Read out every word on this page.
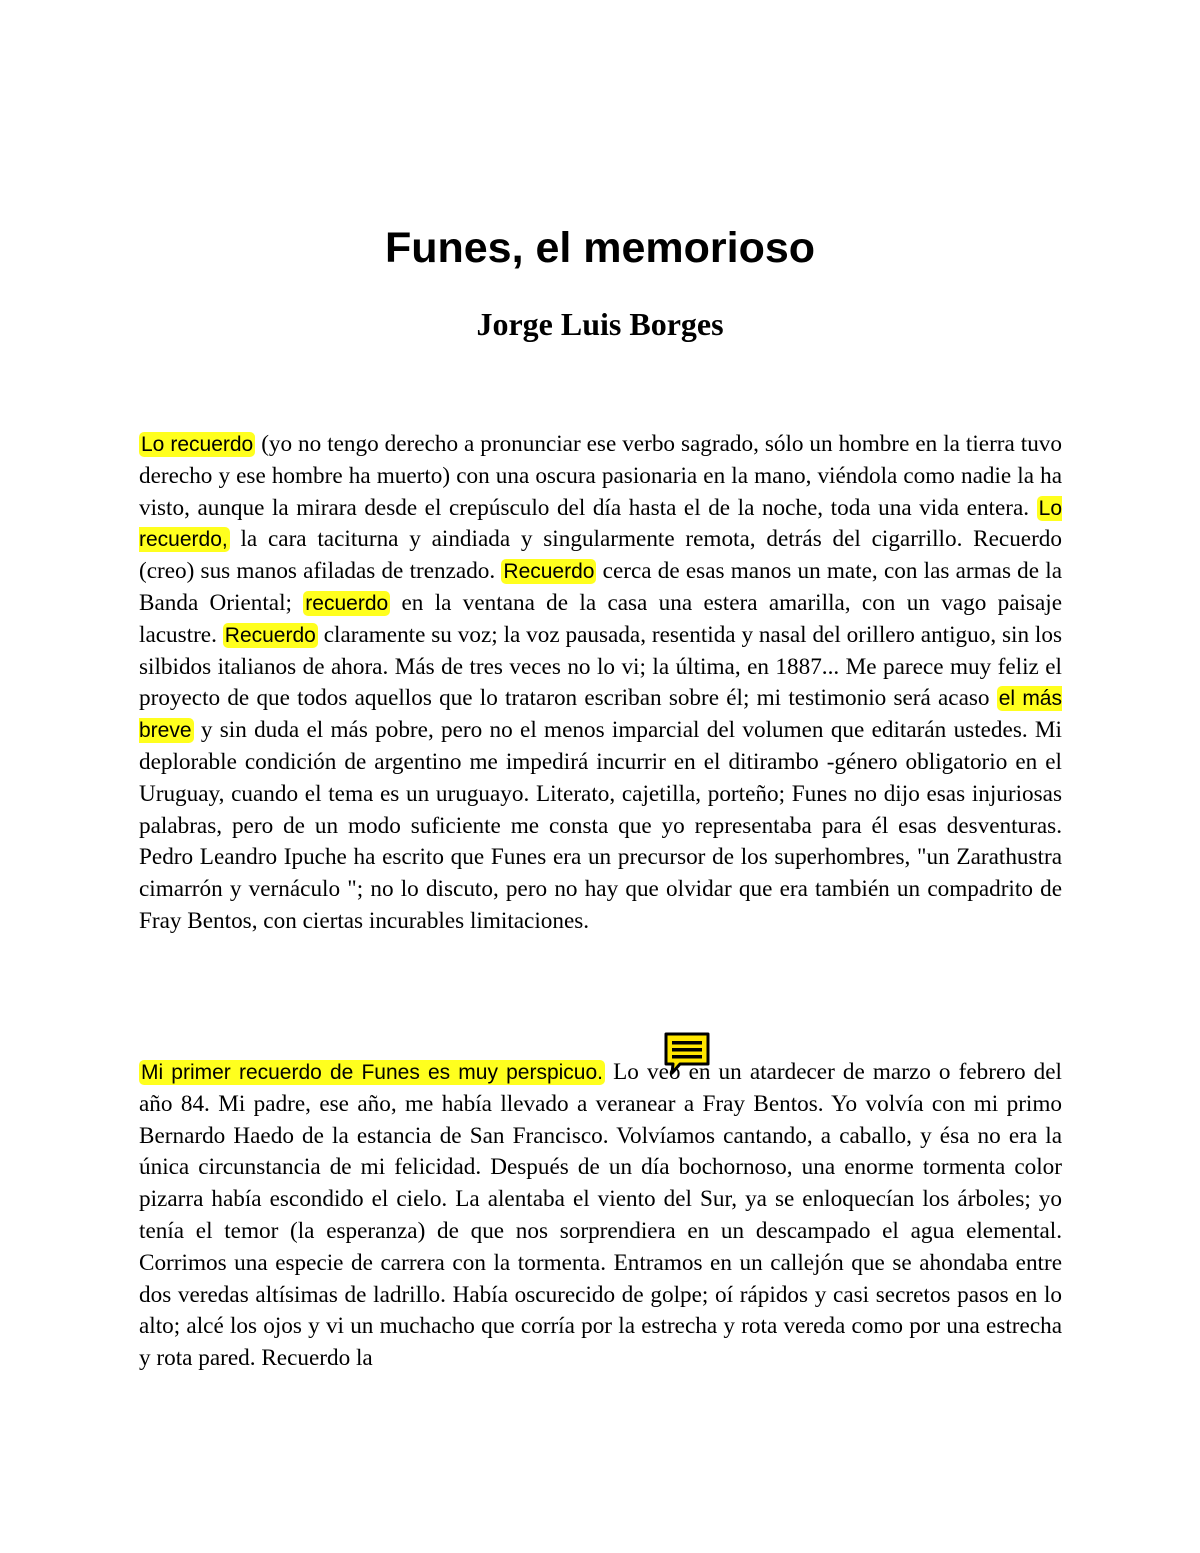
Funes, el memorioso
Jorge Luis Borges

Lo recuerdo (yo no tengo derecho a pronunciar ese verbo sagrado, sólo un hombre en la tierra tuvo derecho y ese hombre ha muerto) con una oscura pasionaria en la mano, viéndola como nadie la ha visto, aunque la mirara desde el crepúsculo del día hasta el de la noche, toda una vida entera. Lo recuerdo, la cara taciturna y aindiada y singularmente remota, detrás del cigarrillo. Recuerdo (creo) sus manos afiladas de trenzado. Recuerdo cerca de esas manos un mate, con las armas de la Banda Oriental; recuerdo en la ventana de la casa una estera amarilla, con un vago paisaje lacustre. Recuerdo claramente su voz; la voz pausada, resentida y nasal del orillero antiguo, sin los silbidos italianos de ahora. Más de tres veces no lo vi; la última, en 1887... Me parece muy feliz el proyecto de que todos aquellos que lo trataron escriban sobre él; mi testimonio será acaso el más breve y sin duda el más pobre, pero no el menos imparcial del volumen que editarán ustedes. Mi deplorable condición de argentino me impedirá incurrir en el ditirambo -género obligatorio en el Uruguay, cuando el tema es un uruguayo. Literato, cajetilla, porteño; Funes no dijo esas injuriosas palabras, pero de un modo suficiente me consta que yo representaba para él esas desventuras. Pedro Leandro Ipuche ha escrito que Funes era un precursor de los superhombres, "un Zarathustra cimarrón y vernáculo "; no lo discuto, pero no hay que olvidar que era también un compadrito de Fray Bentos, con ciertas incurables limitaciones.

Mi primer recuerdo de Funes es muy perspicuo. Lo veo en un atardecer de marzo o febrero del año 84. Mi padre, ese año, me había llevado a veranear a Fray Bentos. Yo volvía con mi primo Bernardo Haedo de la estancia de San Francisco. Volvíamos cantando, a caballo, y ésa no era la única circunstancia de mi felicidad. Después de un día bochornoso, una enorme tormenta color pizarra había escondido el cielo. La alentaba el viento del Sur, ya se enloquecían los árboles; yo tenía el temor (la esperanza) de que nos sorprendiera en un descampado el agua elemental. Corrimos una especie de carrera con la tormenta. Entramos en un callejón que se ahondaba entre dos veredas altísimas de ladrillo. Había oscurecido de golpe; oí rápidos y casi secretos pasos en lo alto; alcé los ojos y vi un muchacho que corría por la estrecha y rota vereda como por una estrecha y rota pared. Recuerdo la
